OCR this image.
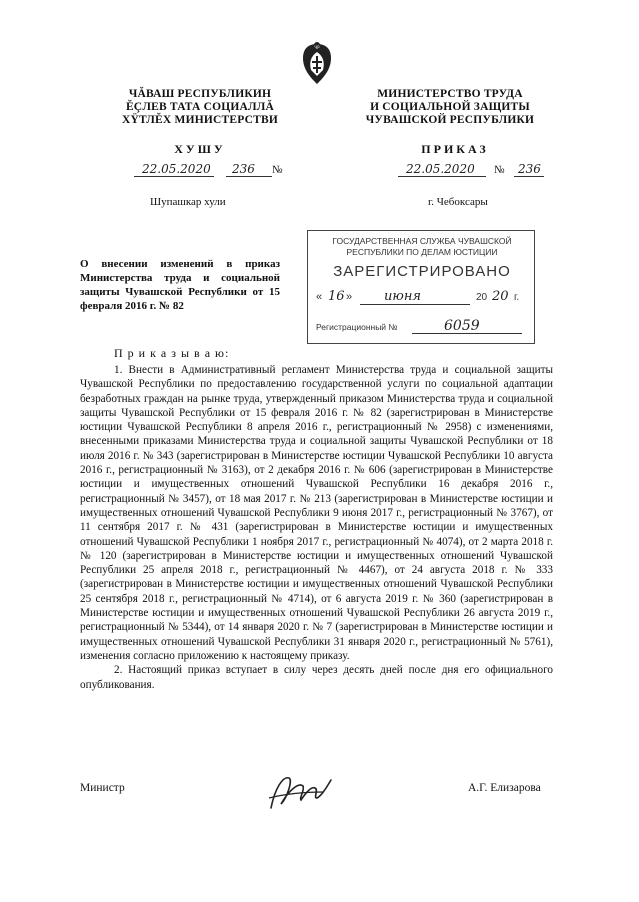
ЧР
ЧĂВАШ РЕСПУБЛИКИН
ĔÇЛЕВ ТАТА СОЦИАЛЛĂ
ХŸТЛĔХ МИНИСТЕРСТВИ
ХУШУ
22.05.2020 236 №
Шупашкар хули
МИНИСТЕРСТВО ТРУДА
И СОЦИАЛЬНОЙ ЗАЩИТЫ
ЧУВАШСКОЙ РЕСПУБЛИКИ
ПРИКАЗ
22.05.2020 № 236
г. Чебоксары
О внесении изменений в приказ Министерства труда и социальной защиты Чувашской Республики от 15 февраля 2016 г. № 82
ГОСУДАРСТВЕННАЯ СЛУЖБА ЧУВАШСКОЙ
РЕСПУБЛИКИ ПО ДЕЛАМ ЮСТИЦИИ
ЗАРЕГИСТРИРОВАНО
« 16 » июня	20 20 г.
Регистрационный №	6059
П р и к а з ы в а ю:

1. Внести в Административный регламент Министерства труда и социальной защиты Чувашской Республики по предоставлению государственной услуги по социальной адаптации безработных граждан на рынке труда, утвержденный приказом Министерства труда и социальной защиты Чувашской Республики от 15 февраля 2016 г. № 82 (зарегистрирован в Министерстве юстиции Чувашской Республики 8 апреля 2016 г., регистрационный № 2958) с изменениями, внесенными приказами Министерства труда и социальной защиты Чувашской Республики от 18 июля 2016 г. № 343 (зарегистрирован в Министерстве юстиции Чувашской Республики 10 августа 2016 г., регистрационный № 3163), от 2 декабря 2016 г. № 606 (зарегистрирован в Министерстве юстиции и имущественных отношений Чувашской Республики 16 декабря 2016 г., регистрационный № 3457), от 18 мая 2017 г. № 213 (зарегистрирован в Министерстве юстиции и имущественных отношений Чувашской Республики 9 июня 2017 г., регистрационный № 3767), от 11 сентября 2017 г. № 431 (зарегистрирован в Министерстве юстиции и имущественных отношений Чувашской Республики 1 ноября 2017 г., регистрационный № 4074), от 2 марта 2018 г. № 120 (зарегистрирован в Министерстве юстиции и имущественных отношений Чувашской Республики 25 апреля 2018 г., регистрационный № 4467), от 24 августа 2018 г. № 333 (зарегистрирован в Министерстве юстиции и имущественных отношений Чувашской Республики 25 сентября 2018 г., регистрационный № 4714), от 6 августа 2019 г. № 360 (зарегистрирован в Министерстве юстиции и имущественных отношений Чувашской Республики 26 августа 2019 г., регистрационный № 5344), от 14 января 2020 г. № 7 (зарегистрирован в Министерстве юстиции и имущественных отношений Чувашской Республики 31 января 2020 г., регистрационный № 5761), изменения согласно приложению к настоящему приказу.

2. Настоящий приказ вступает в силу через десять дней после дня его официального опубликования.

Министр	А.Г. Елизарова
